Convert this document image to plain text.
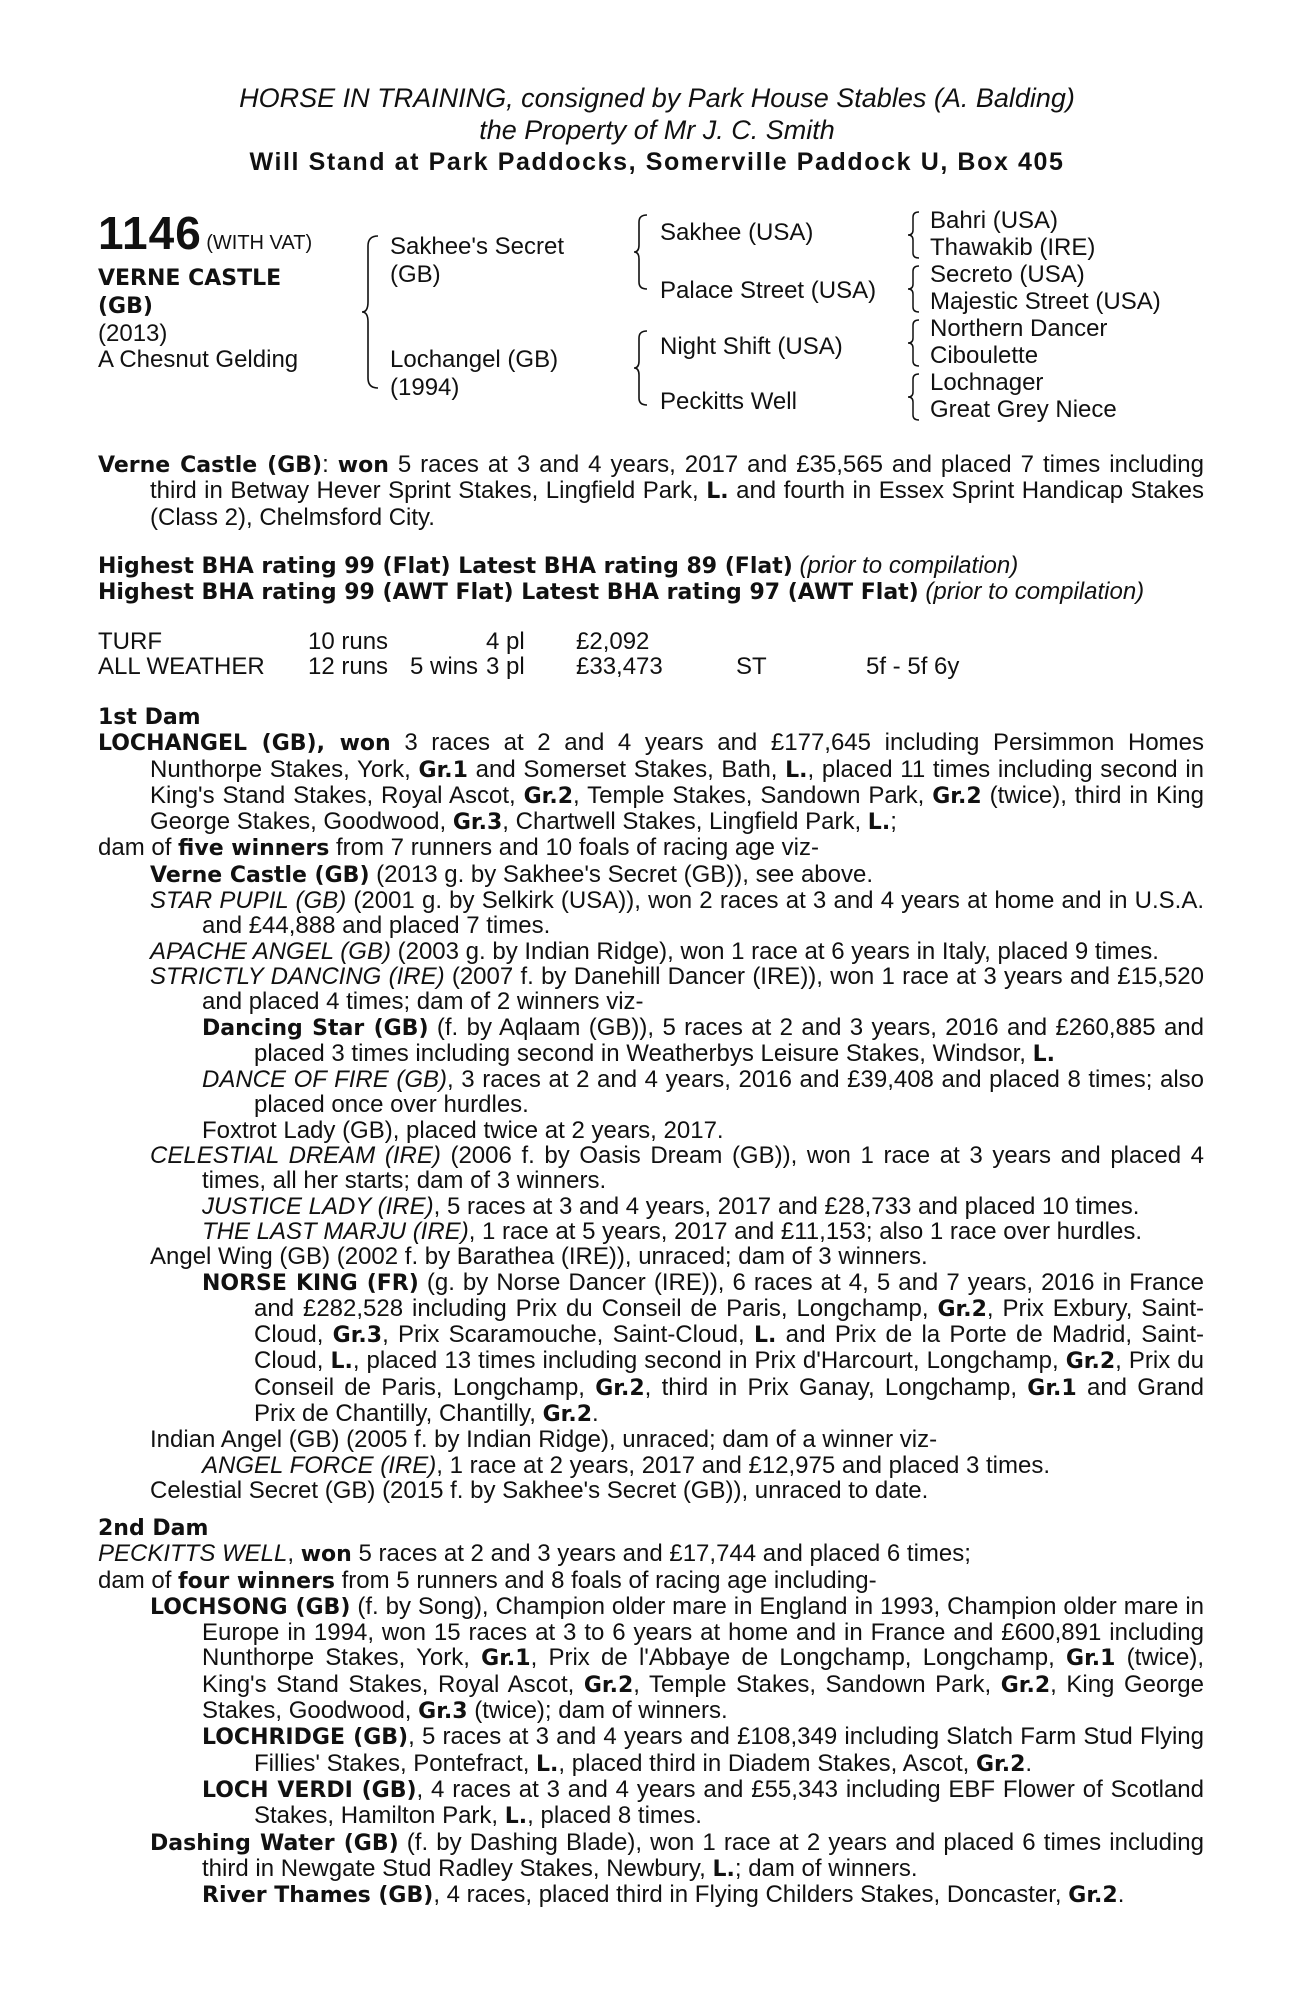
HORSE IN TRAINING, consigned by Park House Stables (A. Balding)
the Property of Mr J. C. Smith
Will Stand at Park Paddocks, Somerville Paddock U, Box 405
1146 (WITH VAT)
VERNE CASTLE
(GB)
(2013)
A Chesnut Gelding
Sakhee's Secret
(GB)
Lochangel (GB)
(1994)
Sakhee (USA)
Palace Street (USA)
Night Shift (USA)
Peckitts Well
Bahri (USA)
Thawakib (IRE)
Secreto (USA)
Majestic Street (USA)
Northern Dancer
Ciboulette
Lochnager
Great Grey Niece

Verne Castle (GB): won 5 races at 3 and 4 years, 2017 and £35,565 and placed 7 times including third in Betway Hever Sprint Stakes, Lingfield Park, L. and fourth in Essex Sprint Handicap Stakes (Class 2), Chelmsford City.

Highest BHA rating 99 (Flat) Latest BHA rating 89 (Flat) (prior to compilation)

Highest BHA rating 99 (AWT Flat) Latest BHA rating 97 (AWT Flat) (prior to compilation)

TURF	10 runs	4 pl	£2,092
ALL WEATHER	12 runs 5 wins 3 pl	£33,473	ST	5f - 5f 6y

1st Dam

LOCHANGEL (GB), won 3 races at 2 and 4 years and £177,645 including Persimmon Homes Nunthorpe Stakes, York, Gr.1 and Somerset Stakes, Bath, L., placed 11 times including second in King's Stand Stakes, Royal Ascot, Gr.2, Temple Stakes, Sandown Park, Gr.2 (twice), third in King George Stakes, Goodwood, Gr.3, Chartwell Stakes, Lingfield Park, L.;

dam of five winners from 7 runners and 10 foals of racing age viz-

Verne Castle (GB) (2013 g. by Sakhee's Secret (GB)), see above.

STAR PUPIL (GB) (2001 g. by Selkirk (USA)), won 2 races at 3 and 4 years at home and in U.S.A. and £44,888 and placed 7 times.

APACHE ANGEL (GB) (2003 g. by Indian Ridge), won 1 race at 6 years in Italy, placed 9 times.

STRICTLY DANCING (IRE) (2007 f. by Danehill Dancer (IRE)), won 1 race at 3 years and £15,520 and placed 4 times; dam of 2 winners viz-

Dancing Star (GB) (f. by Aqlaam (GB)), 5 races at 2 and 3 years, 2016 and £260,885 and placed 3 times including second in Weatherbys Leisure Stakes, Windsor, L.

DANCE OF FIRE (GB), 3 races at 2 and 4 years, 2016 and £39,408 and placed 8 times; also placed once over hurdles.

Foxtrot Lady (GB), placed twice at 2 years, 2017.

CELESTIAL DREAM (IRE) (2006 f. by Oasis Dream (GB)), won 1 race at 3 years and placed 4 times, all her starts; dam of 3 winners.

JUSTICE LADY (IRE), 5 races at 3 and 4 years, 2017 and £28,733 and placed 10 times.

THE LAST MARJU (IRE), 1 race at 5 years, 2017 and £11,153; also 1 race over hurdles.

Angel Wing (GB) (2002 f. by Barathea (IRE)), unraced; dam of 3 winners.

NORSE KING (FR) (g. by Norse Dancer (IRE)), 6 races at 4, 5 and 7 years, 2016 in France and £282,528 including Prix du Conseil de Paris, Longchamp, Gr.2, Prix Exbury, Saint-Cloud, Gr.3, Prix Scaramouche, Saint-Cloud, L. and Prix de la Porte de Madrid, Saint-Cloud, L., placed 13 times including second in Prix d'Harcourt, Longchamp, Gr.2, Prix du Conseil de Paris, Longchamp, Gr.2, third in Prix Ganay, Longchamp, Gr.1 and Grand Prix de Chantilly, Chantilly, Gr.2.

Indian Angel (GB) (2005 f. by Indian Ridge), unraced; dam of a winner viz-

ANGEL FORCE (IRE), 1 race at 2 years, 2017 and £12,975 and placed 3 times.

Celestial Secret (GB) (2015 f. by Sakhee's Secret (GB)), unraced to date.

2nd Dam

PECKITTS WELL, won 5 races at 2 and 3 years and £17,744 and placed 6 times;

dam of four winners from 5 runners and 8 foals of racing age including-

LOCHSONG (GB) (f. by Song), Champion older mare in England in 1993, Champion older mare in Europe in 1994, won 15 races at 3 to 6 years at home and in France and £600,891 including Nunthorpe Stakes, York, Gr.1, Prix de l'Abbaye de Longchamp, Longchamp, Gr.1 (twice), King's Stand Stakes, Royal Ascot, Gr.2, Temple Stakes, Sandown Park, Gr.2, King George Stakes, Goodwood, Gr.3 (twice); dam of winners.

LOCHRIDGE (GB), 5 races at 3 and 4 years and £108,349 including Slatch Farm Stud Flying Fillies' Stakes, Pontefract, L., placed third in Diadem Stakes, Ascot, Gr.2.

LOCH VERDI (GB), 4 races at 3 and 4 years and £55,343 including EBF Flower of Scotland Stakes, Hamilton Park, L., placed 8 times.

Dashing Water (GB) (f. by Dashing Blade), won 1 race at 2 years and placed 6 times including third in Newgate Stud Radley Stakes, Newbury, L.; dam of winners.

River Thames (GB), 4 races, placed third in Flying Childers Stakes, Doncaster, Gr.2.
